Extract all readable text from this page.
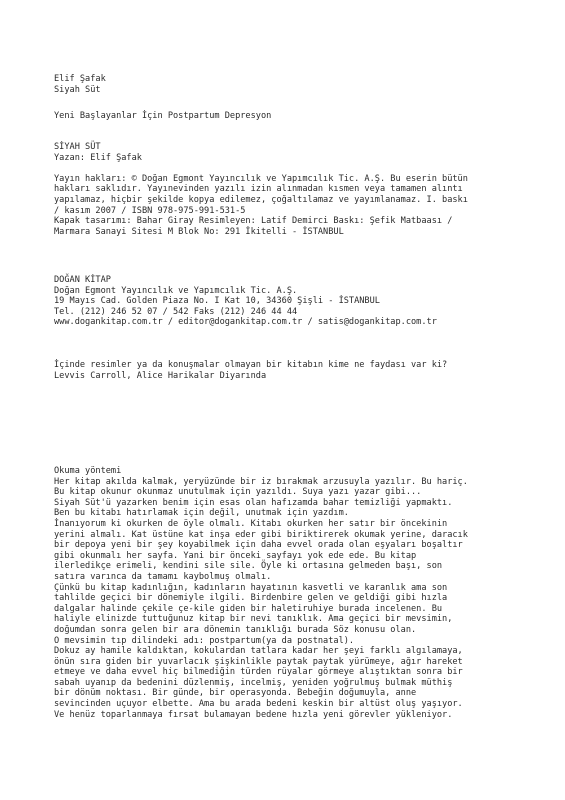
Elif Şafak
Siyah Süt
Yeni Başlayanlar İçin Postpartum Depresyon
SİYAH SÜT
Yazan: Elif Şafak
Yayın hakları: © Doğan Egmont Yayıncılık ve Yapımcılık Tic. A.Ş. Bu eserin bütün
hakları saklıdır. Yayınevinden yazılı izin alınmadan kısmen veya tamamen alıntı
yapılamaz, hiçbir şekilde kopya edilemez, çoğaltılamaz ve yayımlanamaz. I. baskı
/ kasım 2007 / ISBN 978-975-991-531-5
Kapak tasarımı: Bahar Giray Resimleyen: Latif Demirci Baskı: Şefik Matbaası /
Marmara Sanayi Sitesi M Blok No: 291 İkitelli - İSTANBUL
DOĞAN KİTAP
Doğan Egmont Yayıncılık ve Yapımcılık Tic. A.Ş.
19 Mayıs Cad. Golden Piaza No. I Kat 10, 34360 Şişli - İSTANBUL
Tel. (212) 246 52 07 / 542 Faks (212) 246 44 44
www.dogankitap.com.tr / editor@dogankitap.com.tr / satis@dogankitap.com.tr
İçinde resimler ya da konuşmalar olmayan bir kitabın kime ne faydası var ki?
Levvis Carroll, Alice Harikalar Diyarında
Okuma yöntemi
Her kitap akılda kalmak, yeryüzünde bir iz bırakmak arzusuyla yazılır. Bu hariç.
Bu kitap okunur okunmaz unutulmak için yazıldı. Suya yazı yazar gibi...
Siyah Süt'ü yazarken benim için esas olan hafızamda bahar temizliği yapmaktı.
Ben bu kitabı hatırlamak için değil, unutmak için yazdım.
İnanıyorum ki okurken de öyle olmalı. Kitabı okurken her satır bir öncekinin
yerini almalı. Kat üstüne kat inşa eder gibi biriktirerek okumak yerine, daracık
bir depoya yeni bir şey koyabilmek için daha evvel orada olan eşyaları boşaltır
gibi okunmalı her sayfa. Yani bir önceki sayfayı yok ede ede. Bu kitap
ilerledikçe erimeli, kendini sile sile. Öyle ki ortasına gelmeden başı, son
satıra varınca da tamamı kaybolmuş olmalı.
Çünkü bu kitap kadınlığın, kadınların hayatının kasvetli ve karanlık ama son
tahlilde geçici bir dönemiyle ilgili. Birdenbire gelen ve geldiği gibi hızla
dalgalar halinde çekile çe-kile giden bir haletiruhiye burada incelenen. Bu
haliyle elinizde tuttuğunuz kitap bir nevi tanıklık. Ama geçici bir mevsimin,
doğumdan sonra gelen bir ara dönemin tanıklığı burada Söz konusu olan.
O mevsimin tıp dilindeki adı: postpartum(ya da postnatal).
Dokuz ay hamile kaldıktan, kokulardan tatlara kadar her şeyi farklı algılamaya,
önün sıra giden bir yuvarlacık şişkinlikle paytak paytak yürümeye, ağır hareket
etmeye ve daha evvel hiç bilmediğin türden rüyalar görmeye alıştıktan sonra bir
sabah uyanıp da bedenini düzlenmiş, incelmiş, yeniden yoğrulmuş bulmak müthiş
bir dönüm noktası. Bir günde, bir operasyonda. Bebeğin doğumuyla, anne
sevincinden uçuyor elbette. Ama bu arada bedeni keskin bir altüst oluş yaşıyor.
Ve henüz toparlanmaya fırsat bulamayan bedene hızla yeni görevler yükleniyor.
